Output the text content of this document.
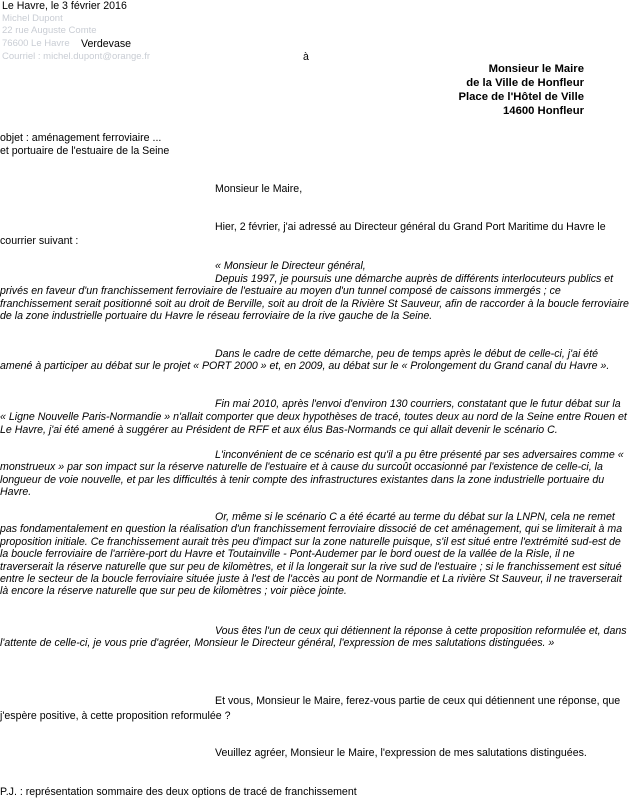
Le Havre, le 3 février 2016
Michel Dupont
22 rue Auguste Comte
76600 Le Havre Verdevase
Courriel : michel.dupont@orange.fr	à
Monsieur le Maire
de la Ville de Honfleur
Place de l'Hôtel de Ville
14600 Honfleur
objet : aménagement ferroviaire ...
et portuaire de l'estuaire de la Seine
Monsieur le Maire,
Hier, 2 février, j'ai adressé au Directeur général du Grand Port Maritime du Havre le courrier suivant :
« Monsieur le Directeur général,
Depuis 1997, je poursuis une démarche auprès de différents interlocuteurs publics et privés en faveur d'un franchissement ferroviaire de l'estuaire au moyen d'un tunnel composé de caissons immergés ; ce franchissement serait positionné soit au droit de Berville, soit au droit de la Rivière St Sauveur, afin de raccorder à la boucle ferroviaire de la zone industrielle portuaire du Havre le réseau ferroviaire de la rive gauche de la Seine.
Dans le cadre de cette démarche, peu de temps après le début de celle-ci, j'ai été amené à participer au débat sur le projet « PORT 2000 » et, en 2009, au débat sur le « Prolongement du Grand canal du Havre ».
Fin mai 2010, après l'envoi d'environ 130 courriers, constatant que le futur débat sur la « Ligne Nouvelle Paris-Normandie » n'allait comporter que deux hypothèses de tracé, toutes deux au nord de la Seine entre Rouen et Le Havre, j'ai été amené à suggérer au Président de RFF et aux élus Bas-Normands ce qui allait devenir le scénario C.
L'inconvénient de ce scénario est qu'il a pu être présenté par ses adversaires comme « monstrueux » par son impact sur la réserve naturelle de l'estuaire et à cause du surcoût occasionné par l'existence de celle-ci, la longueur de voie nouvelle, et par les difficultés à tenir compte des infrastructures existantes dans la zone industrielle portuaire du Havre.
Or, même si le scénario C a été écarté au terme du débat sur la LNPN, cela ne remet pas fondamentalement en question la réalisation d'un franchissement ferroviaire dissocié de cet aménagement, qui se limiterait à ma proposition initiale. Ce franchissement aurait très peu d'impact sur la zone naturelle puisque, s'il est situé entre l'extrémité sud-est de la boucle ferroviaire de l'arrière-port du Havre et Toutainville - Pont-Audemer par le bord ouest de la vallée de la Risle, il ne traverserait la réserve naturelle que sur peu de kilomètres, et il la longerait sur la rive sud de l'estuaire ; si le franchissement est situé entre le secteur de la boucle ferroviaire située juste à l'est de l'accès au pont de Normandie et La rivière St Sauveur, il ne traverserait là encore la réserve naturelle que sur peu de kilomètres ; voir pièce jointe.
Vous êtes l'un de ceux qui détiennent la réponse à cette proposition reformulée et, dans l'attente de celle-ci, je vous prie d'agréer, Monsieur le Directeur général, l'expression de mes salutations distinguées. »
Et vous, Monsieur le Maire, ferez-vous partie de ceux qui détiennent une réponse, que j'espère positive, à cette proposition reformulée ?
Veuillez agréer, Monsieur le Maire, l'expression de mes salutations distinguées.
P.J. : représentation sommaire des deux options de tracé de franchissement
